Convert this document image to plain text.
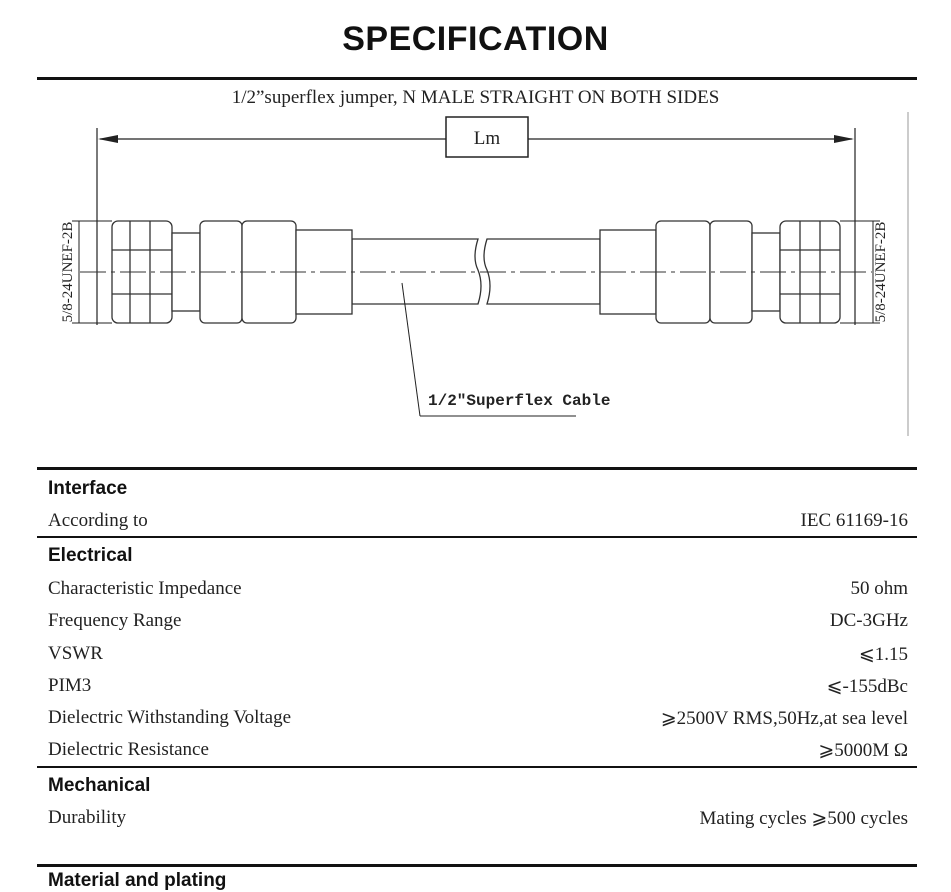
SPECIFICATION
1/2”superflex jumper, N MALE STRAIGHT ON BOTH SIDES
Lm
5/8-24UNEF-2B	5/8-24UNEF-2B
1/2″Superflex Cable
Interface
According to	IEC 61169-16
Electrical
Characteristic Impedance	50 ohm
Frequency Range	DC-3GHz
VSWR	⩽1.15
PIM3	⩽-155dBc
Dielectric Withstanding Voltage	⩾2500V RMS,50Hz,at sea level
Dielectric Resistance	⩾5000M Ω
Mechanical
Durability	Mating cycles ⩾500 cycles
Material and plating
